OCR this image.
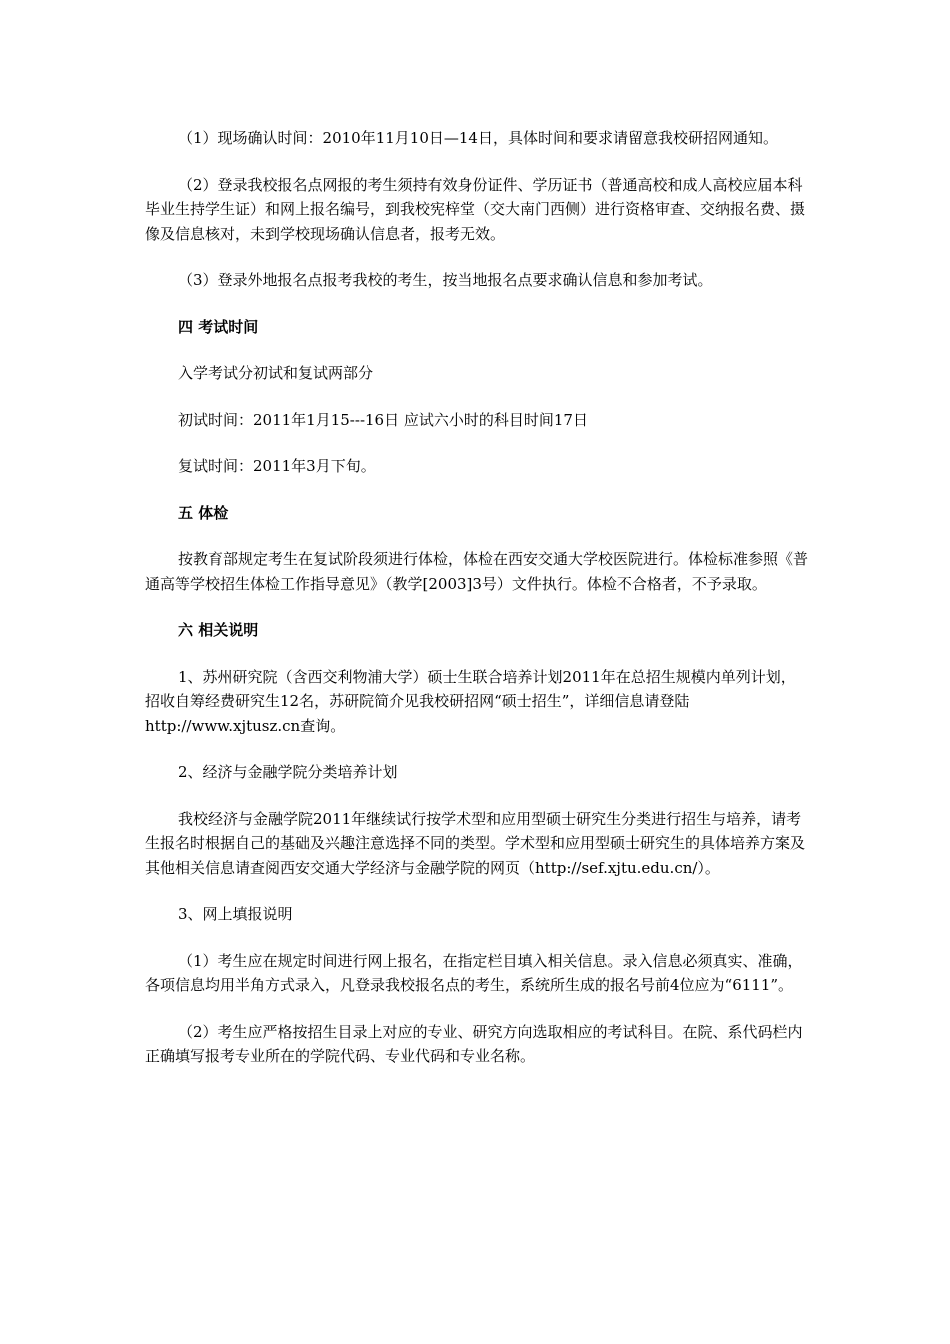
（1）现场确认时间：2010年11月10日—14日，具体时间和要求请留意我校研招网通知。

（2）登录我校报名点网报的考生须持有效身份证件、学历证书（普通高校和成人高校应届本科毕业生持学生证）和网上报名编号，到我校宪梓堂（交大南门西侧）进行资格审查、交纳报名费、摄像及信息核对，未到学校现场确认信息者，报考无效。

（3）登录外地报名点报考我校的考生，按当地报名点要求确认信息和参加考试。

四 考试时间

入学考试分初试和复试两部分

初试时间：2011年1月15---16日 应试六小时的科目时间17日

复试时间：2011年3月下旬。

五 体检

按教育部规定考生在复试阶段须进行体检，体检在西安交通大学校医院进行。体检标准参照《普通高等学校招生体检工作指导意见》（教学[2003]3号）文件执行。体检不合格者，不予录取。

六 相关说明

1、苏州研究院（含西交利物浦大学）硕士生联合培养计划2011年在总招生规模内单列计划，招收自筹经费研究生12名，苏研院简介见我校研招网“硕士招生”，详细信息请登陆http://www.xjtusz.cn查询。

2、经济与金融学院分类培养计划

我校经济与金融学院2011年继续试行按学术型和应用型硕士研究生分类进行招生与培养，请考生报名时根据自己的基础及兴趣注意选择不同的类型。学术型和应用型硕士研究生的具体培养方案及其他相关信息请查阅西安交通大学经济与金融学院的网页（http://sef.xjtu.edu.cn/）。

3、网上填报说明

（1）考生应在规定时间进行网上报名，在指定栏目填入相关信息。录入信息必须真实、准确，各项信息均用半角方式录入，凡登录我校报名点的考生，系统所生成的报名号前4位应为“6111”。

（2）考生应严格按招生目录上对应的专业、研究方向选取相应的考试科目。在院、系代码栏内正确填写报考专业所在的学院代码、专业代码和专业名称。
